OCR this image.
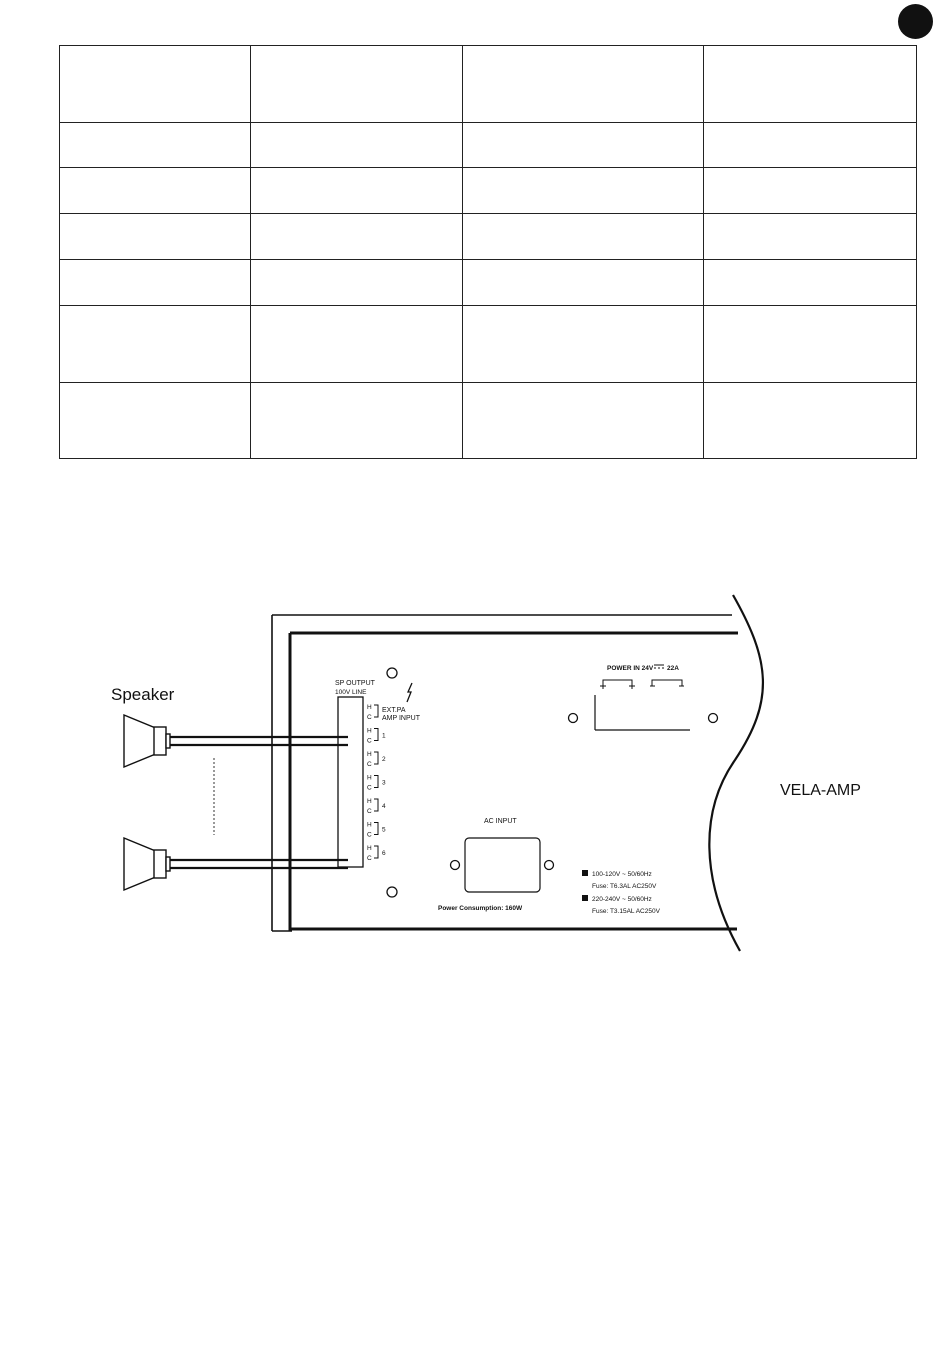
Speaker
SP OUTPUT
100V LINE
EXT.PA
AMP INPUT
H
C
H
C
1
H
C
2
H
C
3
H
C
4
H
C
5
H
C
6
POWER IN 24V 22A
AC INPUT
Power Consumption: 160W
100-120V ~ 50/60Hz
Fuse: T6.3AL AC250V
220-240V ~ 50/60Hz
Fuse: T3.15AL AC250V
VELA-AMP
